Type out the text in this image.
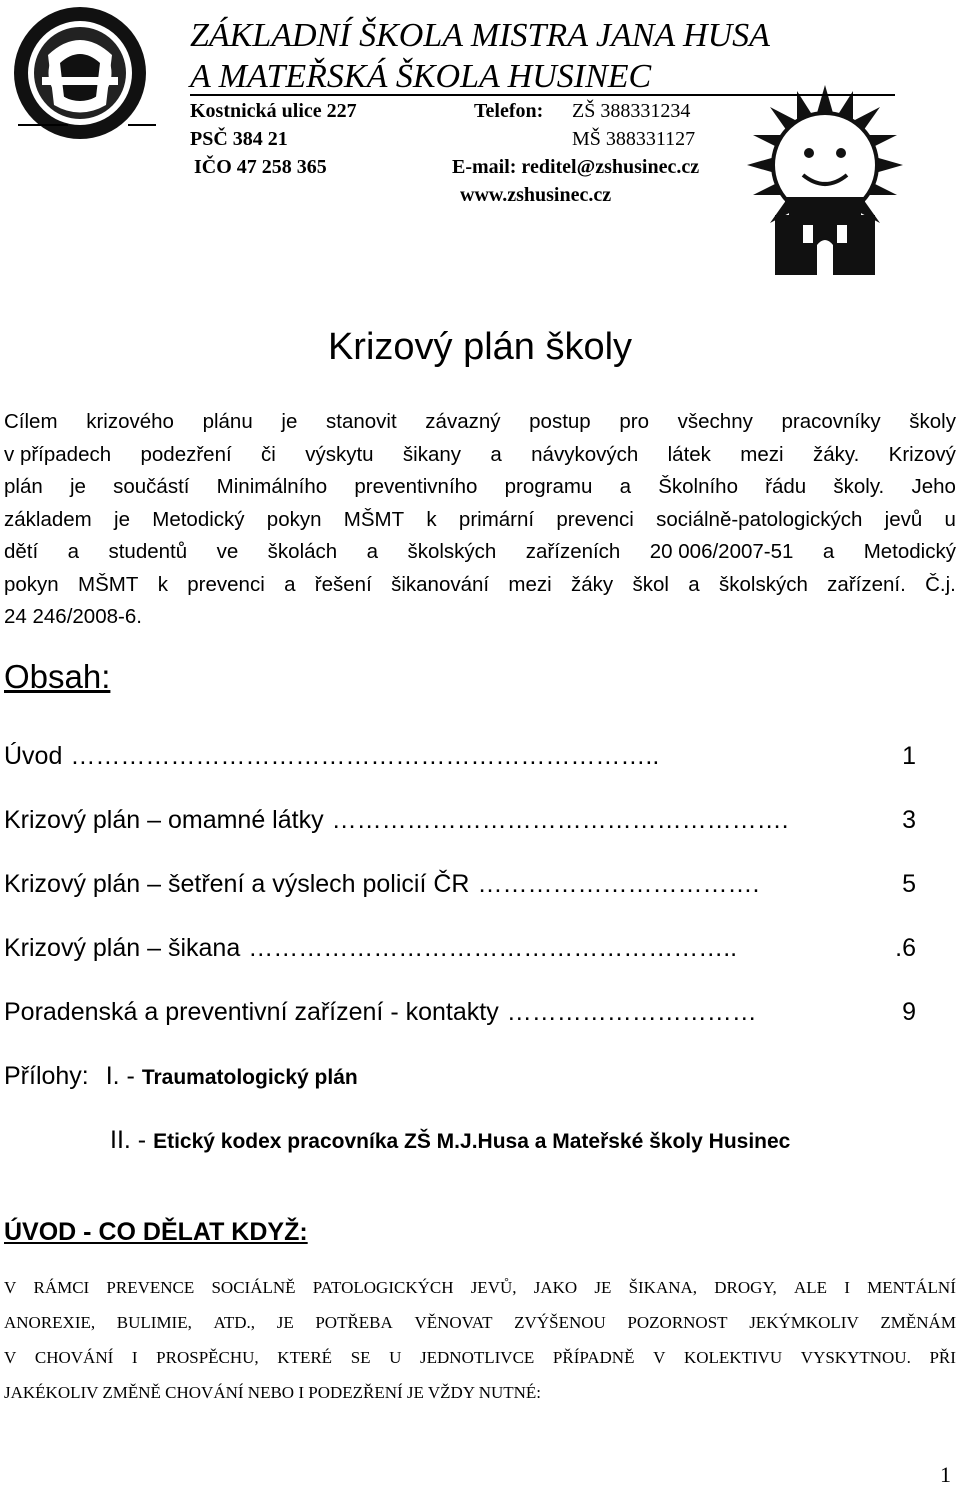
ZÁKLADNÍ ŠKOLA MISTRA JANA HUSA
A MATEŘSKÁ ŠKOLA HUSINEC
Kostnická ulice 227
PSČ 384 21
IČO 47 258 365
Telefon: ZŠ 388331234
MŠ 388331127
E-mail: reditel@zshusinec.cz
www.zshusinec.cz
Krizový plán školy
Cílem krizového plánu je stanovit závazný postup pro všechny pracovníky školy
v případech podezření či výskytu šikany a návykových látek mezi žáky. Krizový
plán je součástí Minimálního preventivního programu a Školního řádu školy. Jeho
základem je Metodický pokyn MŠMT k primární prevenci sociálně-patologických jevů u
dětí a studentů ve školách a školských zařízeních 20 006/2007-51 a Metodický
pokyn MŠMT k prevenci a řešení šikanování mezi žáky škol a školských zařízení. Č.j.
24 246/2008-6.
Obsah:
Úvod ……………………………………………………………..	1
Krizový plán – omamné látky ……………………………………………….	3
Krizový plán – šetření a výslech policií ČR …………………………….	5
Krizový plán – šikana …………………………………………………..	.6
Poradenská a preventivní zařízení - kontakty …………………………	9
Přílohy: I. - Traumatologický plán
II. - Etický kodex pracovníka ZŠ M.J.Husa a Mateřské školy Husinec
ÚVOD - CO DĚLAT KDYŽ:
V RÁMCI PREVENCE SOCIÁLNĚ PATOLOGICKÝCH JEVŮ, JAKO JE ŠIKANA, DROGY, ALE I MENTÁLNÍ
ANOREXIE, BULIMIE, ATD., JE POTŘEBA VĚNOVAT ZVÝŠENOU POZORNOST JEKÝMKOLIV ZMĚNÁM
V CHOVÁNÍ I PROSPĚCHU, KTERÉ SE U JEDNOTLIVCE PŘÍPADNĚ V KOLEKTIVU VYSKYTNOU. PŘI
JAKÉKOLIV ZMĚNĚ CHOVÁNÍ NEBO I PODEZŘENÍ JE VŽDY NUTNÉ:
1
